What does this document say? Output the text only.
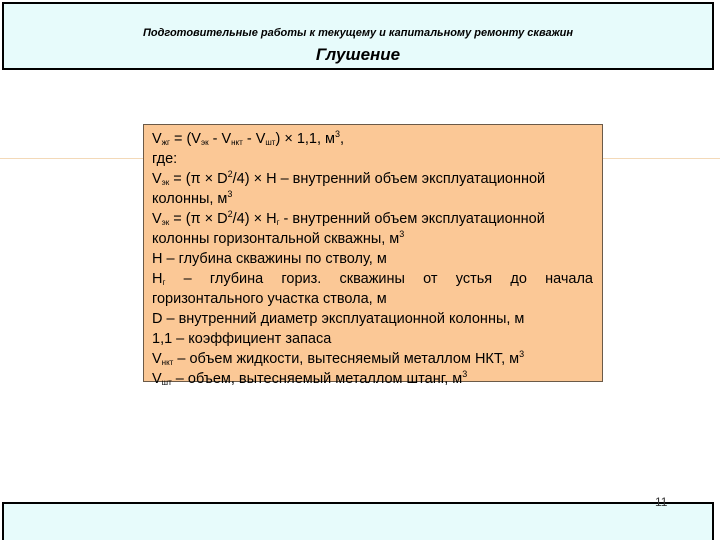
Подготовительные работы к текущему и капитальному ремонту скважин
Глушение

$V_{жг} = (V_{эк} - V_{нкт} - V_{шт}) \times 1,1$, $м^3$,

где:

$V_{эк} = (\pi \times D^2/4) \times H$ – внутренний объем эксплуатационной колонны, $м^3$

$V_{эк} = (\pi \times D^2/4) \times H_г$ - внутренний объем эксплуатационной колонны горизонтальной скважны, $м^3$

H – глубина скважины по стволу, м

$H_г$ – глубина гориз. скважины от устья до начала

горизонтального участка ствола, м

D – внутренний диаметр эксплуатационной колонны, м

1,1 – коэффициент запаса

$V_{нкт}$ – объем жидкости, вытесняемый металлом НКТ, $м^3$

$V_{шт}$ – объем, вытесняемый металлом штанг, $м^3$

11
